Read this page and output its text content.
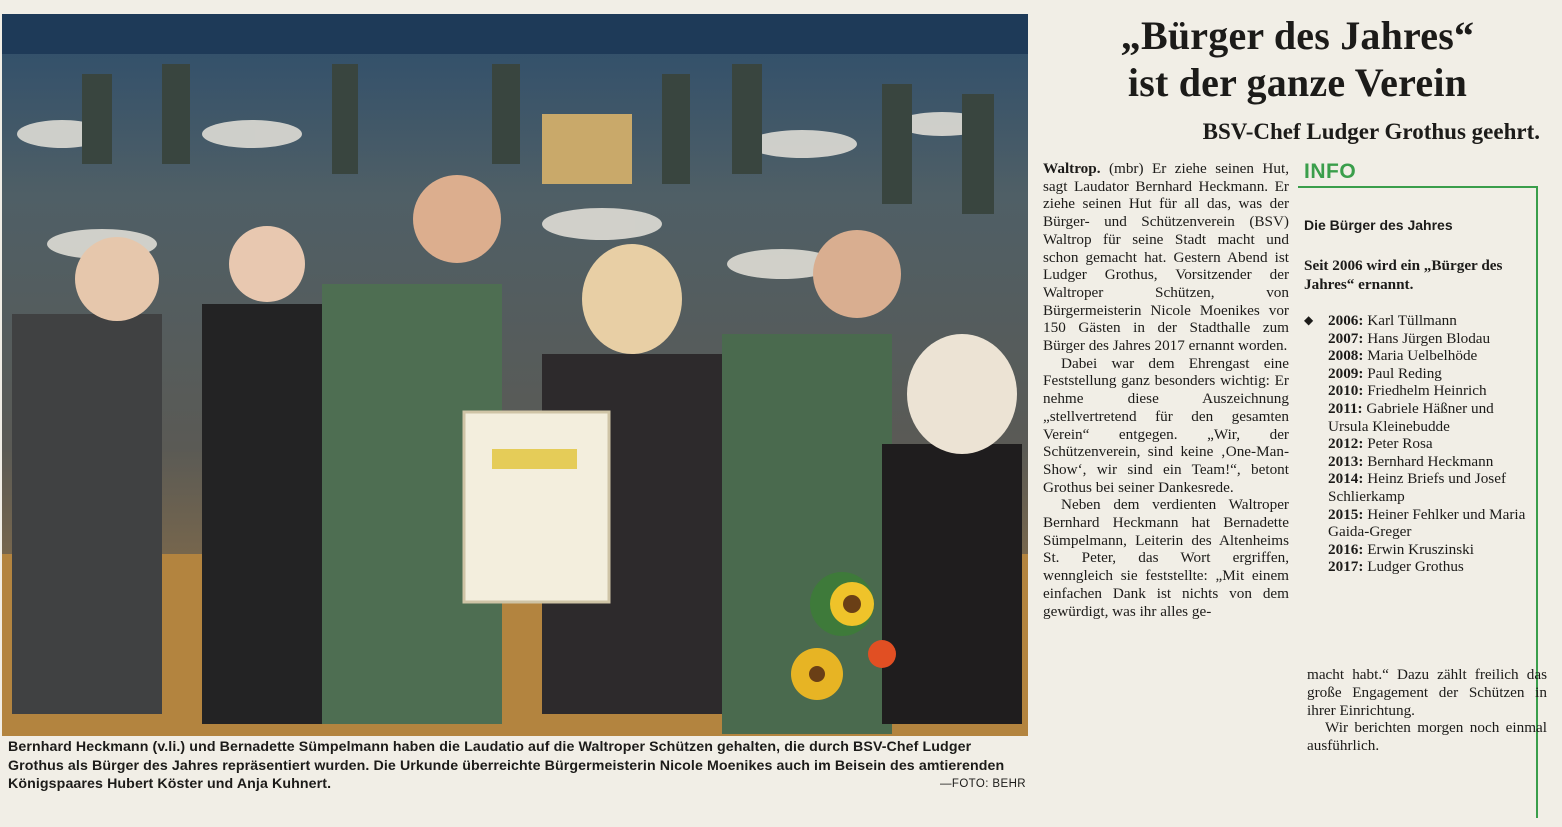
Bernhard Heckmann (v.li.) und Bernadette Sümpelmann haben die Laudatio auf die Waltroper Schützen gehalten, die durch BSV-Chef Ludger Grothus als Bürger des Jahres repräsentiert wurden. Die Urkunde überreichte Bürgermeisterin Nicole Moenikes auch im Beisein des amtierenden Königspaares Hubert Köster und Anja Kuhnert.	—FOTO: BEHR
„Bürger des Jahres“
ist der ganze Verein
BSV-Chef Ludger Grothus geehrt.

Waltrop. (mbr) Er ziehe seinen Hut, sagt Laudator Bernhard Heckmann. Er ziehe seinen Hut für all das, was der Bürger- und Schützenverein (BSV) Waltrop für seine Stadt macht und schon gemacht hat. Gestern Abend ist Ludger Grothus, Vorsitzender der Waltroper Schützen, von Bürgermeisterin Nicole Moenikes vor 150 Gästen in der Stadthalle zum Bürger des Jahres 2017 ernannt worden.

Dabei war dem Ehrengast eine Feststellung ganz besonders wichtig: Er nehme diese Auszeichnung „stellvertretend für den gesamten Verein“ entgegen. „Wir, der Schützenverein, sind keine ‚One-Man-Show‘, wir sind ein Team!“, betont Grothus bei seiner Dankesrede.

Neben dem verdienten Waltroper Bernhard Heckmann hat Bernadette Sümpelmann, Leiterin des Altenheims St. Peter, das Wort ergriffen, wenngleich sie feststellte: „Mit einem einfachen Dank ist nichts von dem gewürdigt, was ihr alles ge-

INFO
Die Bürger des Jahres
Seit 2006 wird ein „Bürger des Jahres“ ernannt.
◆ 2006: Karl Tüllmann
2007: Hans Jürgen Blodau
2008: Maria Uelbelhöde
2009: Paul Reding
2010: Friedhelm Heinrich
2011: Gabriele Häßner und Ursula Kleinebudde
2012: Peter Rosa
2013: Bernhard Heckmann
2014: Heinz Briefs und Josef Schlierkamp
2015: Heiner Fehlker und Maria Gaida-Greger
2016: Erwin Kruszinski
2017: Ludger Grothus

macht habt.“ Dazu zählt freilich das große Engagement der Schützen in ihrer Einrichtung.

Wir berichten morgen noch einmal ausführlich.
